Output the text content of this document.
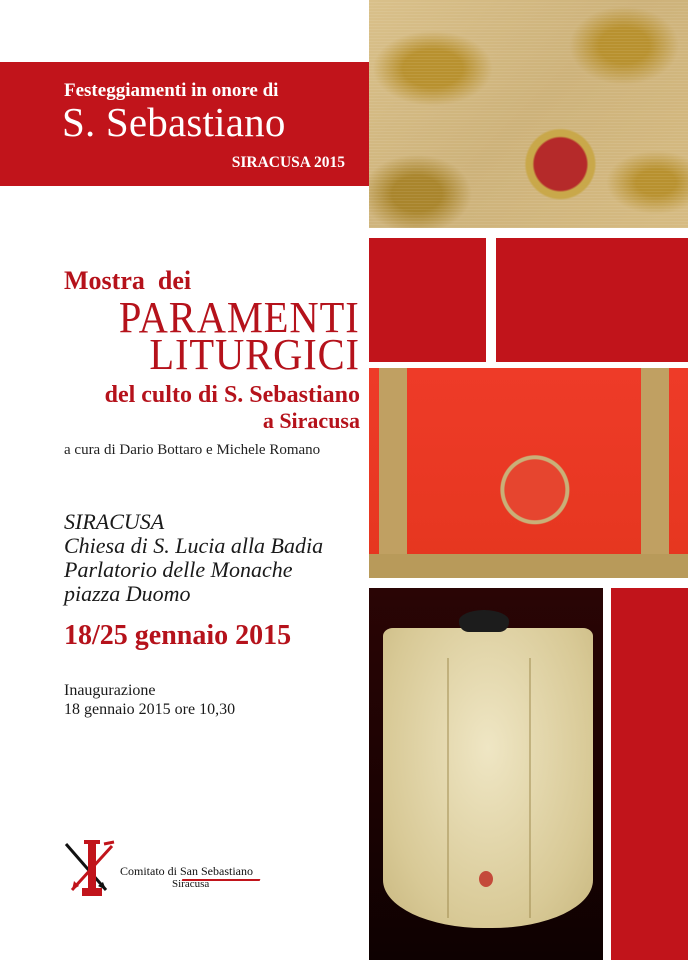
Festeggiamenti in onore di
S. Sebastiano
SIRACUSA 2015
Mostra  dei
PARAMENTI
LITURGICI
del culto di S. Sebastiano
a Siracusa
a cura di Dario Bottaro e Michele Romano
SIRACUSA
Chiesa di S. Lucia alla Badia
Parlatorio delle Monache
piazza Duomo
18/25 gennaio 2015
Inaugurazione
18 gennaio 2015 ore 10,30
Comitato di San Sebastiano
Siracusa
